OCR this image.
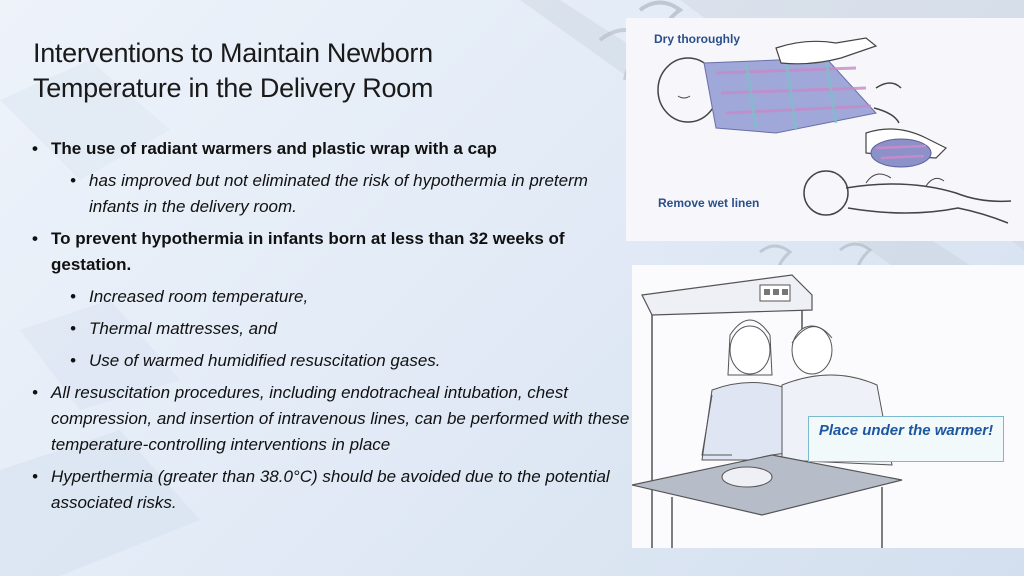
Interventions to Maintain Newborn Temperature in the Delivery Room
• The use of radiant warmers and plastic wrap with a cap
• has improved but not eliminated the risk of hypothermia in preterm infants in the delivery room.
• To prevent hypothermia in infants born at less than 32 weeks of gestation.
• Increased room temperature,
• Thermal mattresses, and
• Use of warmed humidified resuscitation gases.
• All resuscitation procedures, including endotracheal intubation, chest compression, and insertion of intravenous lines, can be performed with these temperature-controlling interventions in place
• Hyperthermia (greater than 38.0°C) should be avoided due to the potential associated risks.
Dry thoroughly
Remove wet linen
Place under the warmer!
